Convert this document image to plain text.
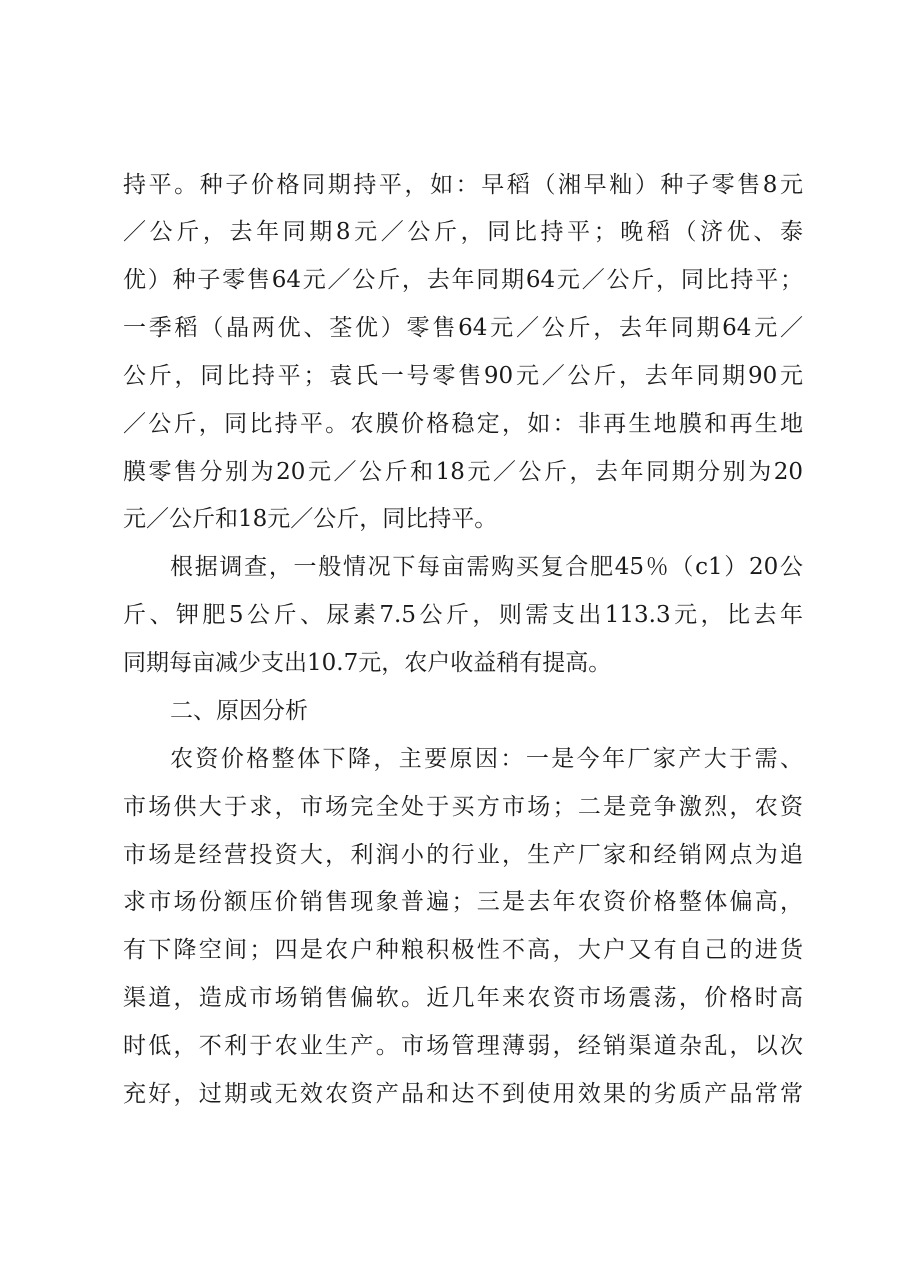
持平。种子价格同期持平，如：早稻（湘早籼）种子零售8元
／公斤，去年同期8元／公斤，同比持平；晚稻（济优、泰
优）种子零售64元／公斤，去年同期64元／公斤，同比持平；
一季稻（晶两优、荃优）零售64元／公斤，去年同期64元／
公斤，同比持平；袁氏一号零售90元／公斤，去年同期90元
／公斤，同比持平。农膜价格稳定，如：非再生地膜和再生地
膜零售分别为20元／公斤和18元／公斤，去年同期分别为20
元／公斤和18元／公斤，同比持平。
根据调查，一般情况下每亩需购买复合肥45％（c1）20公
斤、钾肥5公斤、尿素7.5公斤，则需支出113.3元，比去年
同期每亩减少支出10.7元，农户收益稍有提高。
二、原因分析
农资价格整体下降，主要原因：一是今年厂家产大于需、
市场供大于求，市场完全处于买方市场；二是竞争激烈，农资
市场是经营投资大，利润小的行业，生产厂家和经销网点为追
求市场份额压价销售现象普遍；三是去年农资价格整体偏高，
有下降空间；四是农户种粮积极性不高，大户又有自己的进货
渠道，造成市场销售偏软。近几年来农资市场震荡，价格时高
时低，不利于农业生产。市场管理薄弱，经销渠道杂乱，以次
充好，过期或无效农资产品和达不到使用效果的劣质产品常常
